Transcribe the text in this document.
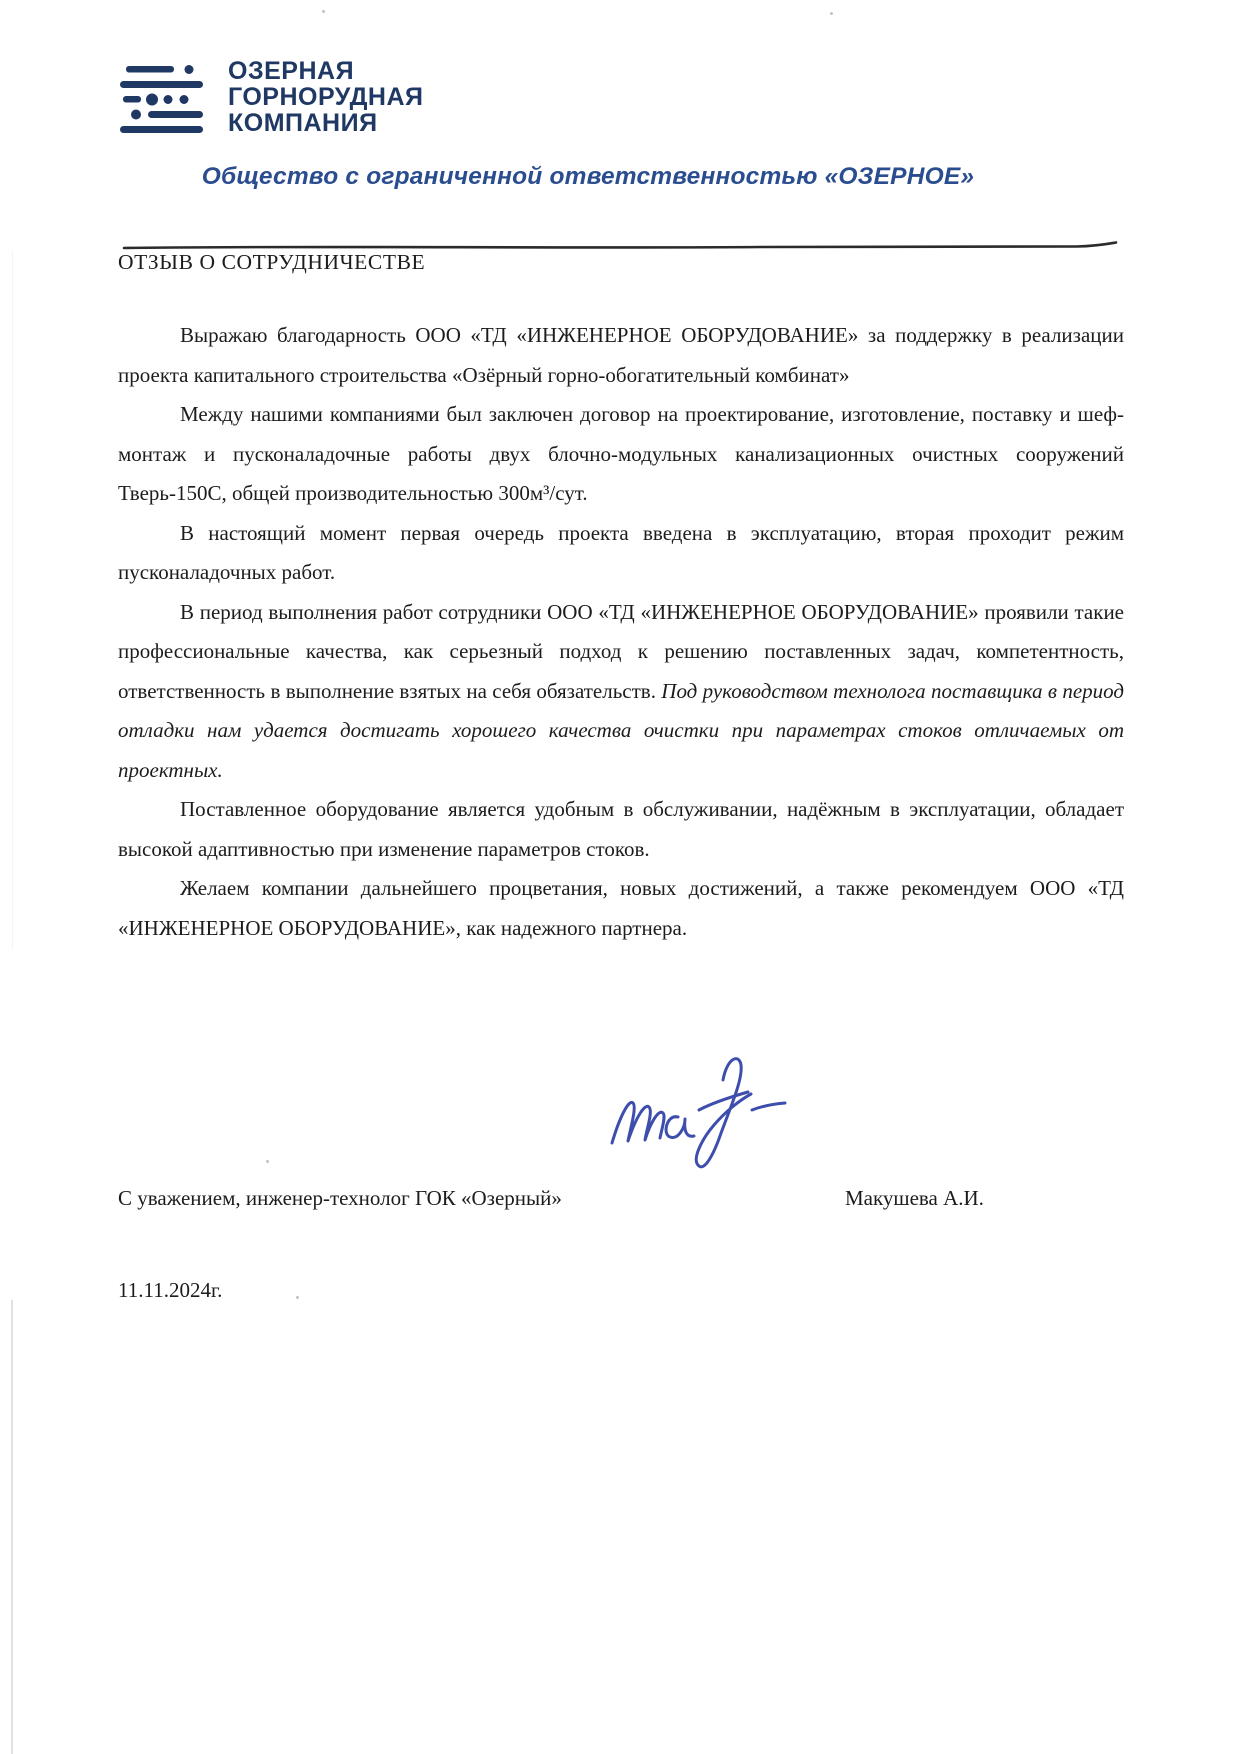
ОЗЕРНАЯ
ГОРНОРУДНАЯ
КОМПАНИЯ
Общество с ограниченной ответственностью «ОЗЕРНОЕ»
ОТЗЫВ О СОТРУДНИЧЕСТВЕ

Выражаю благодарность ООО «ТД «ИНЖЕНЕРНОЕ ОБОРУДОВАНИЕ» за поддержку в реализации проекта капитального строительства «Озёрный горно-обогатительный комбинат»

Между нашими компаниями был заключен договор на проектирование, изготовление, поставку и шеф-монтаж и пусконаладочные работы двух блочно-модульных канализационных очистных сооружений Тверь-150С, общей производительностью 300м³/сут.

В настоящий момент первая очередь проекта введена в эксплуатацию, вторая проходит режим пусконаладочных работ.

В период выполнения работ сотрудники ООО «ТД «ИНЖЕНЕРНОЕ ОБОРУДОВАНИЕ» проявили такие профессиональные качества, как серьезный подход к решению поставленных задач, компетентность, ответственность в выполнение взятых на себя обязательств. Под руководством технолога поставщика в период отладки нам удается достигать хорошего качества очистки при параметрах стоков отличаемых от проектных.

Поставленное оборудование является удобным в обслуживании, надёжным в эксплуатации, обладает высокой адаптивностью при изменение параметров стоков.

Желаем компании дальнейшего процветания, новых достижений, а также рекомендуем ООО «ТД «ИНЖЕНЕРНОЕ ОБОРУДОВАНИЕ», как надежного партнера.

С уважением, инженер-технолог ГОК «Озерный»	Макушева А.И.
11.11.2024г.
